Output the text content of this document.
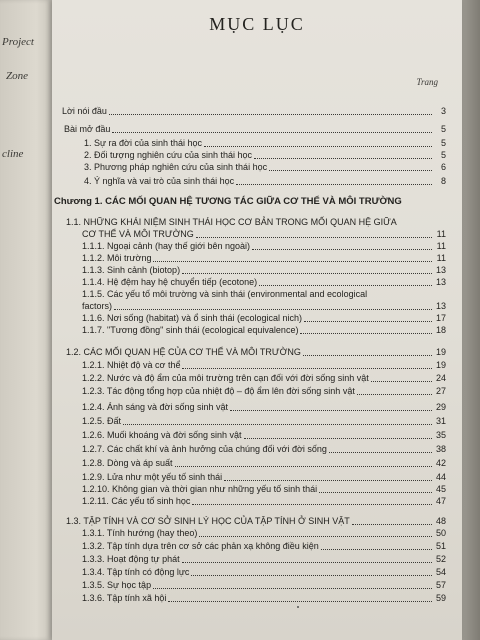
Project
Zone
cline
MỤC LỤC
Trang
Lời nói đầu	3
Bài mở đầu	5
1. Sự ra đời của sinh thái học	5
2. Đối tượng nghiên cứu của sinh thái học	5
3. Phương pháp nghiên cứu của sinh thái học	6
4. Ý nghĩa và vai trò của sinh thái học	8
Chương 1. CÁC MỐI QUAN HỆ TƯƠNG TÁC GIỮA CƠ THỂ VÀ MÔI TRƯỜNG
1.1. NHỮNG KHÁI NIỆM SINH THÁI HỌC CƠ BẢN TRONG MỐI QUAN HỆ GIỮA
CƠ THỂ VÀ MÔI TRƯỜNG	11
1.1.1. Ngoại cảnh (hay thế giới bên ngoài)	11
1.1.2. Môi trường	11
1.1.3. Sinh cảnh (biotop)	13
1.1.4. Hệ đệm hay hệ chuyển tiếp (ecotone)	13
1.1.5. Các yếu tố môi trường và sinh thái (environmental and ecological
factors)	13
1.1.6. Nơi sống (habitat) và ổ sinh thái (ecological nich)	17
1.1.7. "Tương đồng" sinh thái (ecological equivalence)	18
1.2. CÁC MỐI QUAN HỆ CỦA CƠ THỂ VÀ MÔI TRƯỜNG	19
1.2.1. Nhiệt độ và cơ thể	19
1.2.2. Nước và độ ẩm của môi trường trên cạn đối với đời sống sinh vật	24
1.2.3. Tác động tổng hợp của nhiệt độ – độ ẩm lên đời sống sinh vật	27
1.2.4. Ánh sáng và đời sống sinh vật	29
1.2.5. Đất	31
1.2.6. Muối khoáng và đời sống sinh vật	35
1.2.7. Các chất khí và ảnh hưởng của chúng đối với đời sống	38
1.2.8. Dòng và áp suất	42
1.2.9. Lửa như một yếu tố sinh thái	44
1.2.10. Không gian và thời gian như những yếu tố sinh thái	45
1.2.11. Các yếu tố sinh học	47
1.3. TẬP TÍNH VÀ CƠ SỞ SINH LÝ HỌC CỦA TẬP TÍNH Ở SINH VẬT	48
1.3.1. Tính hướng (hay theo)	50
1.3.2. Tập tính dựa trên cơ sở các phản xạ không điều kiện	51
1.3.3. Hoạt động tự phát	52
1.3.4. Tập tính có động lực	54
1.3.5. Sự học tập	57
1.3.6. Tập tính xã hội	59
